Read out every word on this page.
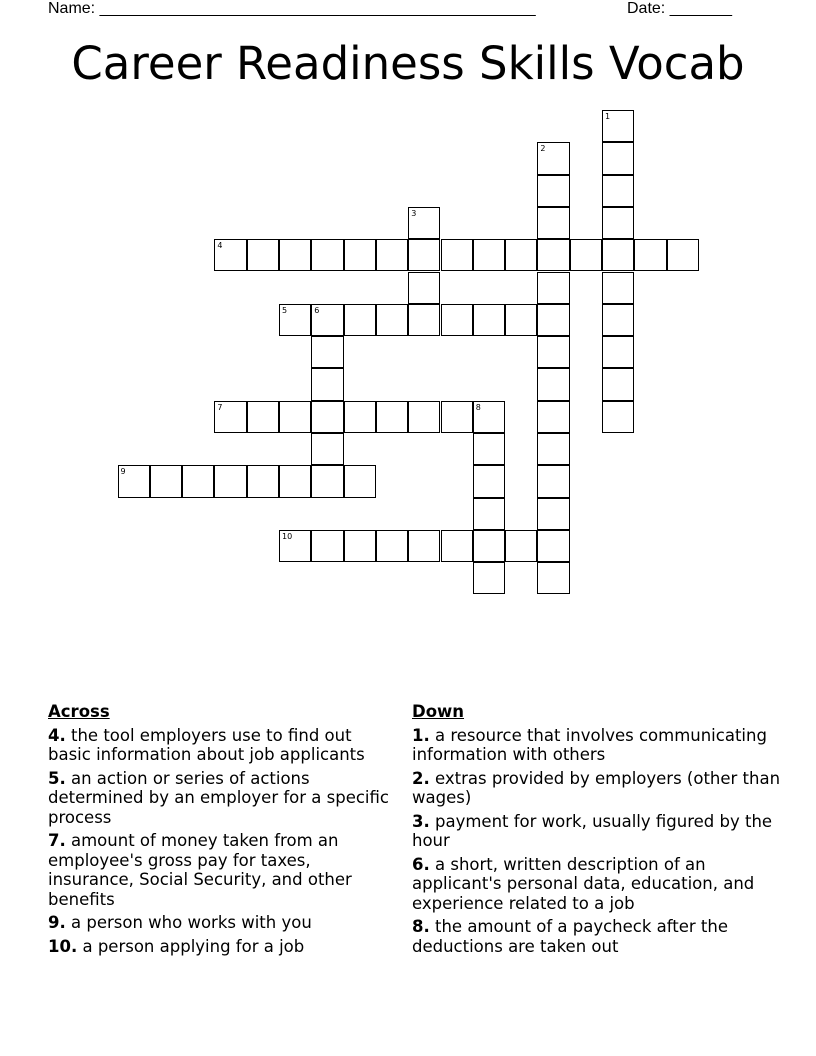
Name: _________________________________________________	Date: _______
Career Readiness Skills Vocab
1
2
3
4
5	6
7	8
9
10
Across
4. the tool employers use to find out basic information about job applicants
5. an action or series of actions determined by an employer for a specific process
7. amount of money taken from an employee's gross pay for taxes, insurance, Social Security, and other benefits
9. a person who works with you
10. a person applying for a job
Down
1. a resource that involves communicating information with others
2. extras provided by employers (other than wages)
3. payment for work, usually figured by the hour
6. a short, written description of an applicant's personal data, education, and experience related to a job
8. the amount of a paycheck after the deductions are taken out
